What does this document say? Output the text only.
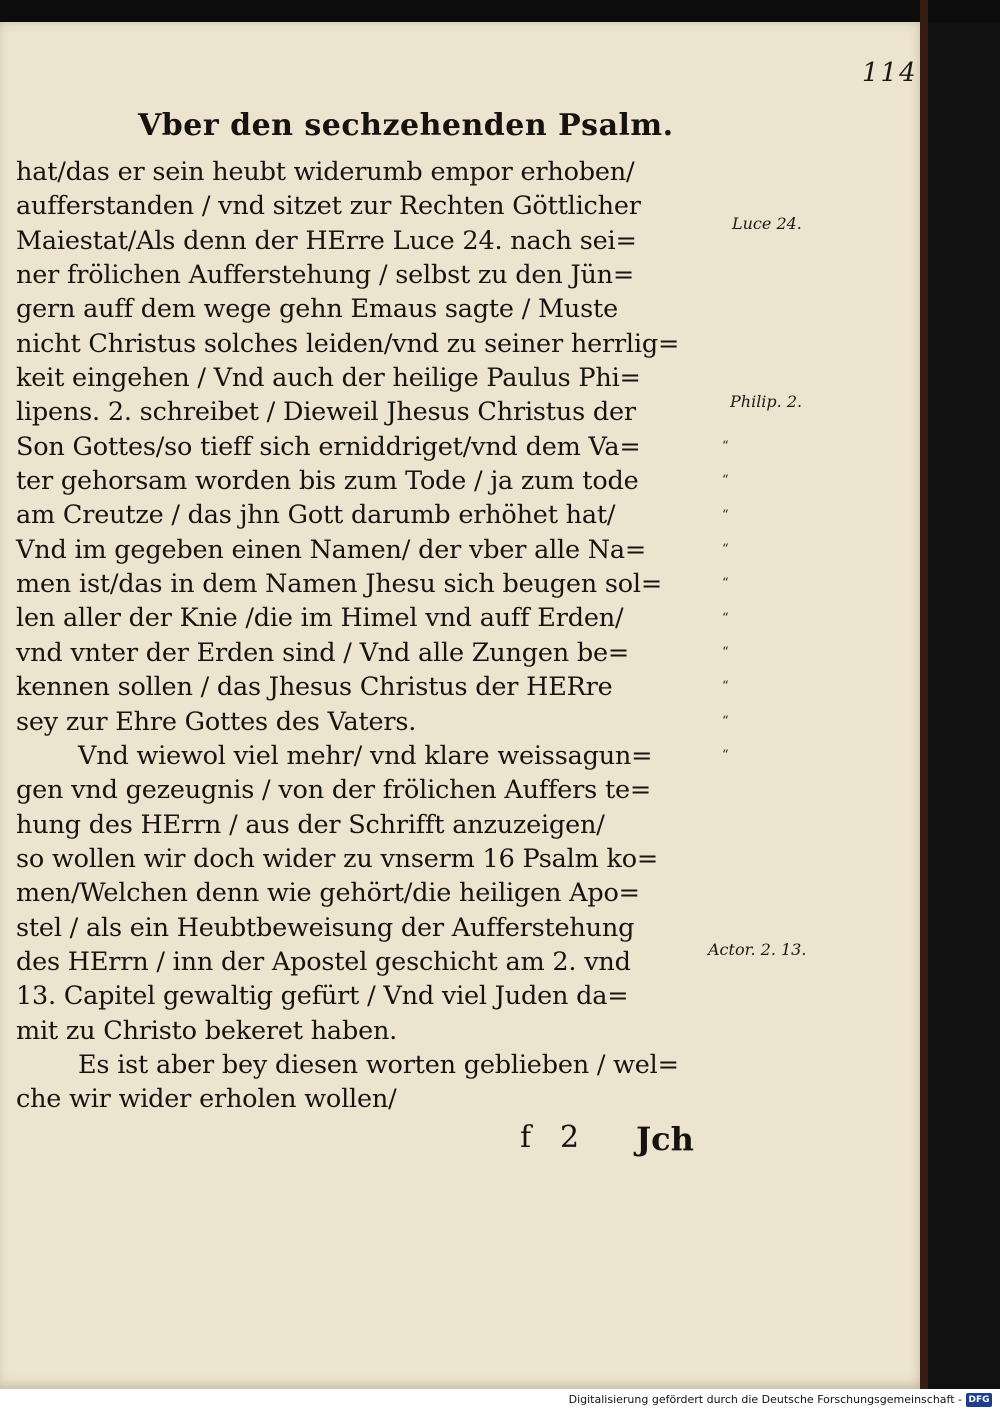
114
Vber den sechzehenden Psalm.
hat/das er sein heubt widerumb empor erhoben/
aufferstanden / vnd sitzet zur Rechten Göttlicher
Maiestat/Als denn der HErre Luce 24. nach sei=
ner frölichen Aufferstehung / selbst zu den Jün=
gern auff dem wege gehn Emaus sagte / Muste
nicht Christus solches leiden/vnd zu seiner herrlig=
keit eingehen / Vnd auch der heilige Paulus Phi=
lipens. 2. schreibet / Dieweil Jhesus Christus der
Son Gottes/so tieff sich erniddriget/vnd dem Va=
ter gehorsam worden bis zum Tode / ja zum tode
am Creutze / das jhn Gott darumb erhöhet hat/
Vnd im gegeben einen Namen/ der vber alle Na=
men ist/das in dem Namen Jhesu sich beugen sol=
len aller der Knie /die im Himel vnd auff Erden/
vnd vnter der Erden sind / Vnd alle Zungen be=
kennen sollen / das Jhesus Christus der HERre
sey zur Ehre Gottes des Vaters.
Vnd wiewol viel mehr/ vnd klare weissagun=
gen vnd gezeugnis / von der frölichen Auffers te=
hung des HErrn / aus der Schrifft anzuzeigen/
so wollen wir doch wider zu vnserm 16 Psalm ko=
men/Welchen denn wie gehört/die heiligen Apo=
stel / als ein Heubtbeweisung der Aufferstehung
des HErrn / inn der Apostel geschicht am 2. vnd
13. Capitel gewaltig gefürt / Vnd viel Juden da=
mit zu Christo bekeret haben.
Es ist aber bey diesen worten geblieben / wel=
che wir wider erholen wollen/
Luce 24.
Philip. 2.
Actor. 2. 13.
“
“
“
“
“
“
“
“
“
“
f 2	Jch
Digitalisierung gefördert durch die Deutsche Forschungsgemeinschaft - DFG
